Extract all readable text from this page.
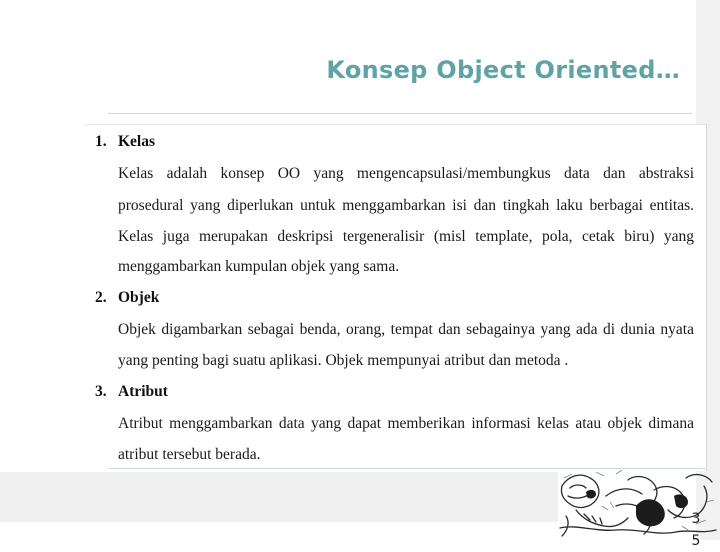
Konsep Object Oriented…
1. Kelas
Kelas adalah konsep OO yang mengencapsulasi/membungkus data dan abstraksi
prosedural yang diperlukan untuk menggambarkan isi dan tingkah laku berbagai entitas.
Kelas juga merupakan deskripsi tergeneralisir (misl template, pola, cetak biru) yang
menggambarkan kumpulan objek yang sama.
2. Objek
Objek digambarkan sebagai benda, orang, tempat dan sebagainya yang ada di dunia nyata
yang penting bagi suatu aplikasi. Objek mempunyai atribut dan metoda .
3. Atribut
Atribut menggambarkan data yang dapat memberikan informasi kelas atau objek dimana
atribut tersebut berada.
3
5
